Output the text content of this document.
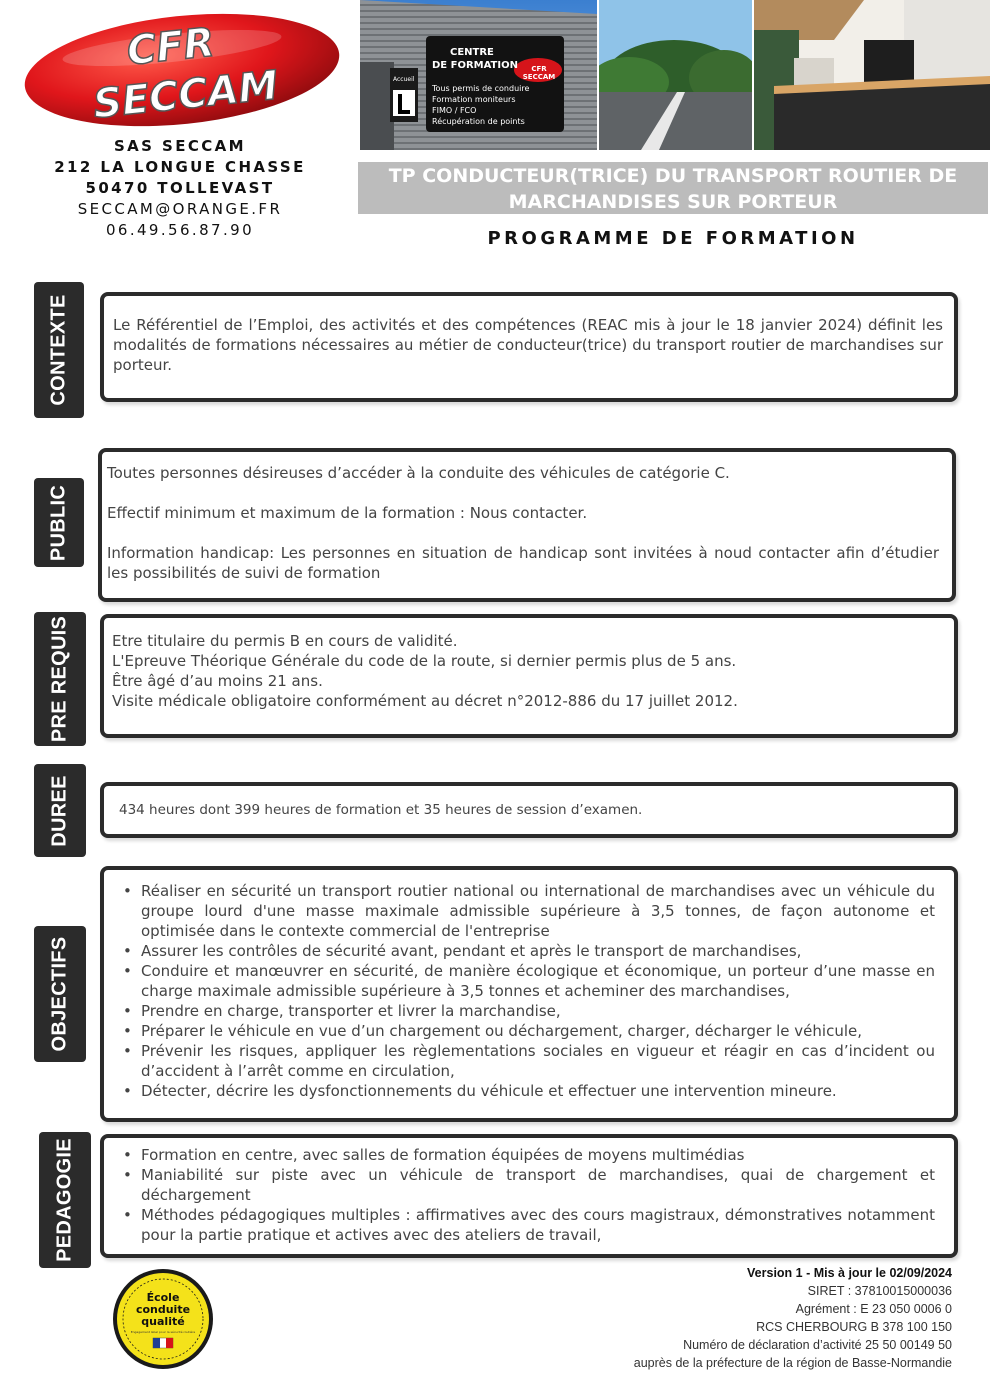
CFR
SECCAM
SAS SECCAM
212 LA LONGUE CHASSE
50470 TOLLEVAST
SECCAM@ORANGE.FR
06.49.56.87.90
CENTRE
DE FORMATION	CFR SECCAM
Tous permis de conduire
Formation moniteurs
FIMO / FCO
Récupération de points
Accueil
TP CONDUCTEUR(TRICE) DU TRANSPORT ROUTIER DE
MARCHANDISES SUR PORTEUR
PROGRAMME DE FORMATION
CONTEXTE	Le Référentiel de l’Emploi, des activités et des compétences (REAC mis à jour le 18 janvier 2024) définit les modalités de formations nécessaires au métier de conducteur(trice) du transport routier de marchandises sur porteur.
PUBLIC

Toutes personnes désireuses d’accéder à la conduite des véhicules de catégorie C.

Effectif minimum et maximum de la formation : Nous contacter.

Information handicap: Les personnes en situation de handicap sont invitées à noud contacter afin d’étudier les possibilités de suivi de formation

PRE REQUIS	Etre titulaire du permis B en cours de validité.

L'Epreuve Théorique Générale du code de la route, si dernier permis plus de 5 ans.

Être âgé d’au moins 21 ans.

Visite médicale obligatoire conformément au décret n°2012-886 du 17 juillet 2012.

DUREE	434 heures dont 399 heures de formation et 35 heures de session d’examen.
OBJECTIFS
• Réaliser en sécurité un transport routier national ou international de marchandises avec un véhicule du groupe lourd d'une masse maximale admissible supérieure à 3,5 tonnes, de façon autonome et optimisée dans le contexte commercial de l'entreprise
• Assurer les contrôles de sécurité avant, pendant et après le transport de marchandises,
• Conduire et manœuvrer en sécurité, de manière écologique et économique, un porteur d’une masse en charge maximale admissible supérieure à 3,5 tonnes et acheminer des marchandises,
• Prendre en charge, transporter et livrer la marchandise,
• Préparer le véhicule en vue d’un chargement ou déchargement, charger, décharger le véhicule,
• Prévenir les risques, appliquer les règlementations sociales en vigueur et réagir en cas d’incident ou d’accident à l’arrêt comme en circulation,
• Détecter, décrire les dysfonctionnements du véhicule et effectuer une intervention mineure.
PEDAGOGIE
•	Formation en centre, avec salles de formation équipées de moyens multimédias
• Maniabilité sur piste avec un véhicule de transport de marchandises, quai de chargement et déchargement
• Méthodes pédagogiques multiples : affirmatives avec des cours magistraux, démonstratives notamment pour la partie pratique et actives avec des ateliers de travail,
École
conduite
qualité
Engagement label pour la sécurité routière
Version 1 - Mis à jour le 02/09/2024
SIRET : 37810015000036
Agrément : E 23 050 0006 0
RCS CHERBOURG B 378 100 150
Numéro de déclaration d’activité 25 50 00149 50
auprès de la préfecture de la région de Basse-Normandie
